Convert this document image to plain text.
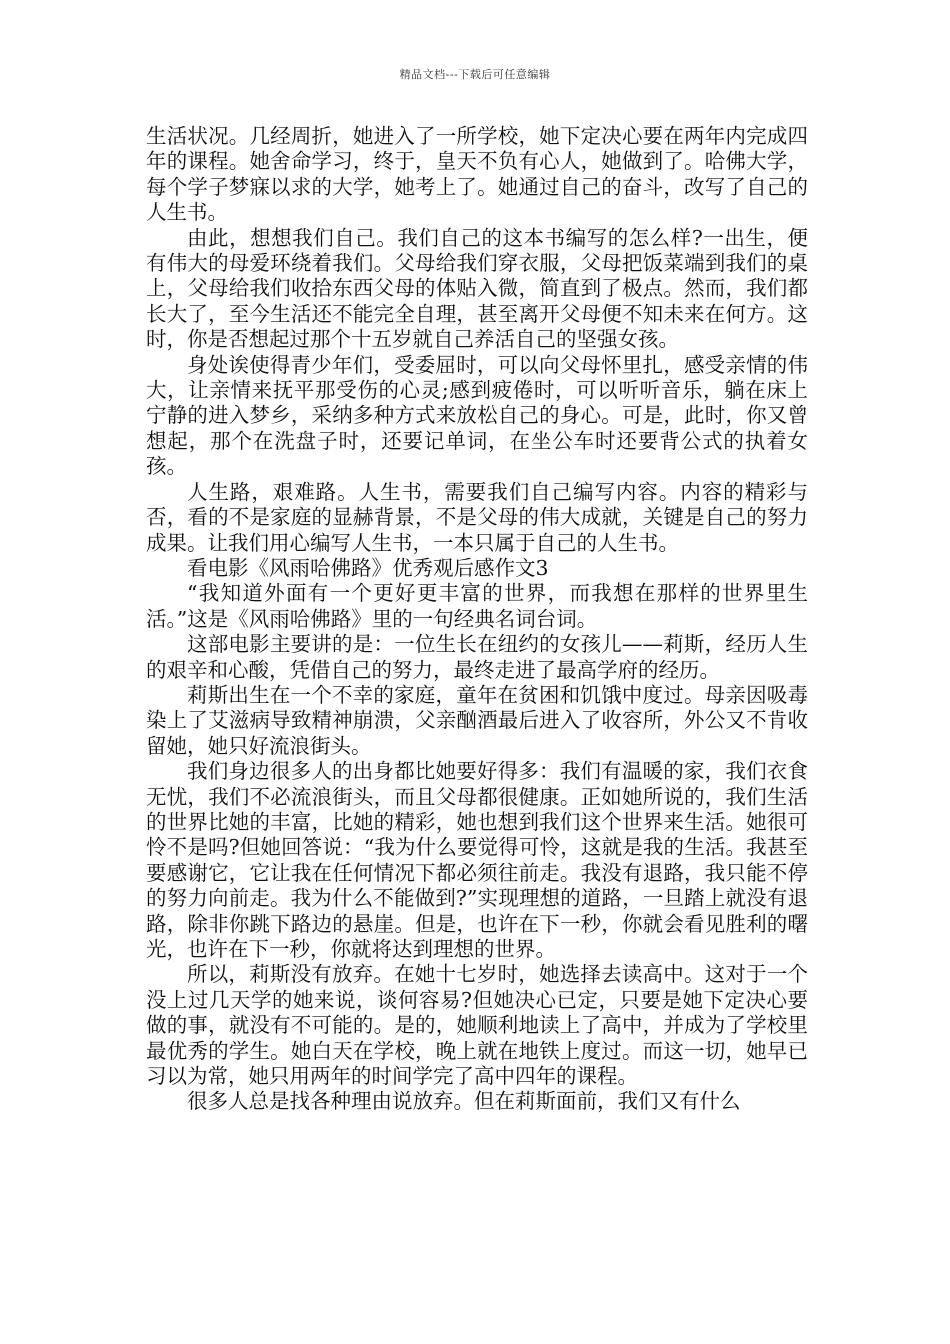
精品文档---下载后可任意编辑

生活状况。几经周折，她进入了一所学校，她下定决心要在两年内完成四年的课程。她舍命学习，终于，皇天不负有心人，她做到了。哈佛大学，每个学子梦寐以求的大学，她考上了。她通过自己的奋斗，改写了自己的人生书。

由此，想想我们自己。我们自己的这本书编写的怎么样?一出生，便有伟大的母爱环绕着我们。父母给我们穿衣服，父母把饭菜端到我们的桌上，父母给我们收拾东西父母的体贴入微，简直到了极点。然而，我们都长大了，至今生活还不能完全自理，甚至离开父母便不知未来在何方。这时，你是否想起过那个十五岁就自己养活自己的坚强女孩。

身处诶使得青少年们，受委屈时，可以向父母怀里扎，感受亲情的伟大，让亲情来抚平那受伤的心灵;感到疲倦时，可以听听音乐，躺在床上宁静的进入梦乡，采纳多种方式来放松自己的身心。可是，此时，你又曾想起，那个在洗盘子时，还要记单词，在坐公车时还要背公式的执着女孩。

人生路，艰难路。人生书，需要我们自己编写内容。内容的精彩与否，看的不是家庭的显赫背景，不是父母的伟大成就，关键是自己的努力成果。让我们用心编写人生书，一本只属于自己的人生书。

看电影《风雨哈佛路》优秀观后感作文3

“我知道外面有一个更好更丰富的世界，而我想在那样的世界里生活。”这是《风雨哈佛路》里的一句经典名词台词。

这部电影主要讲的是：一位生长在纽约的女孩儿——莉斯，经历人生的艰辛和心酸，凭借自己的努力，最终走进了最高学府的经历。

莉斯出生在一个不幸的家庭，童年在贫困和饥饿中度过。母亲因吸毒染上了艾滋病导致精神崩溃，父亲酗酒最后进入了收容所，外公又不肯收留她，她只好流浪街头。

我们身边很多人的出身都比她要好得多：我们有温暖的家，我们衣食无忧，我们不必流浪街头，而且父母都很健康。正如她所说的，我们生活的世界比她的丰富，比她的精彩，她也想到我们这个世界来生活。她很可怜不是吗?但她回答说：“我为什么要觉得可怜，这就是我的生活。我甚至要感谢它，它让我在任何情况下都必须往前走。我没有退路，我只能不停的努力向前走。我为什么不能做到?”实现理想的道路，一旦踏上就没有退路，除非你跳下路边的悬崖。但是，也许在下一秒，你就会看见胜利的曙光，也许在下一秒，你就将达到理想的世界。

所以，莉斯没有放弃。在她十七岁时，她选择去读高中。这对于一个没上过几天学的她来说，谈何容易?但她决心已定，只要是她下定决心要做的事，就没有不可能的。是的，她顺利地读上了高中，并成为了学校里最优秀的学生。她白天在学校，晚上就在地铁上度过。而这一切，她早已习以为常，她只用两年的时间学完了高中四年的课程。

很多人总是找各种理由说放弃。但在莉斯面前，我们又有什么
